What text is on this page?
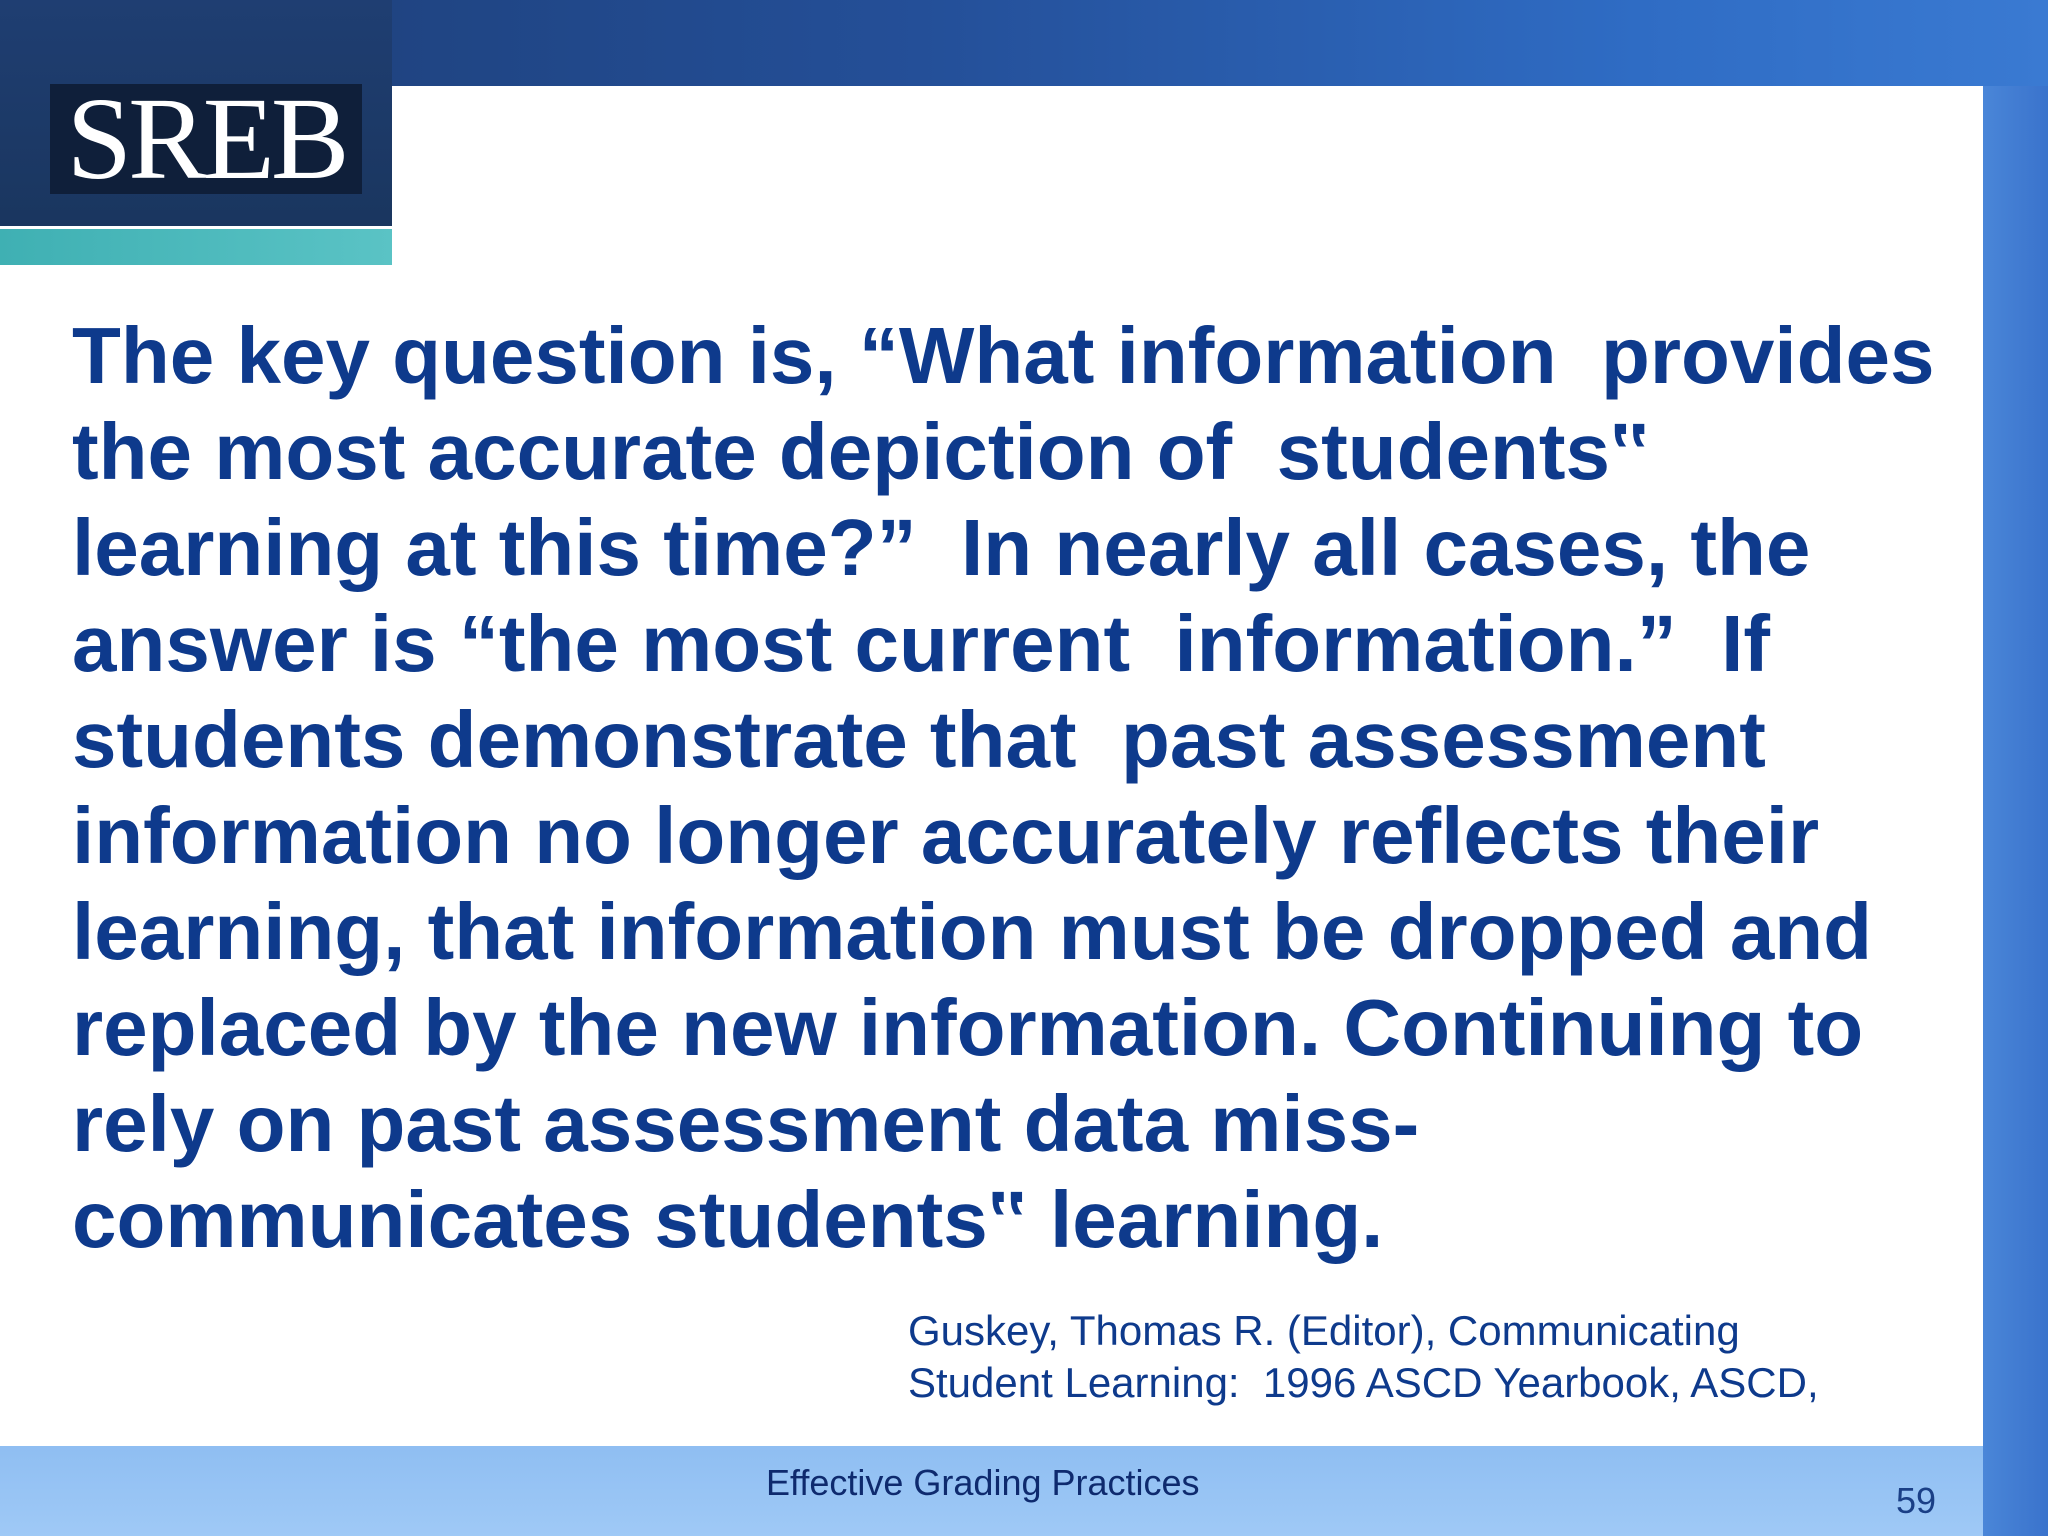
SREB
The key question is, “What information  provides
the most accurate depiction of  students‟
learning at this time?”  In nearly all cases, the
answer is “the most current  information.”  If
students demonstrate that  past assessment
information no longer accurately reflects their
learning, that information must be dropped and
replaced by the new information. Continuing to
rely on past assessment data miss-
communicates students‟ learning.
Guskey, Thomas R. (Editor), Communicating
Student Learning:  1996 ASCD Yearbook, ASCD,
Effective Grading Practices	59
